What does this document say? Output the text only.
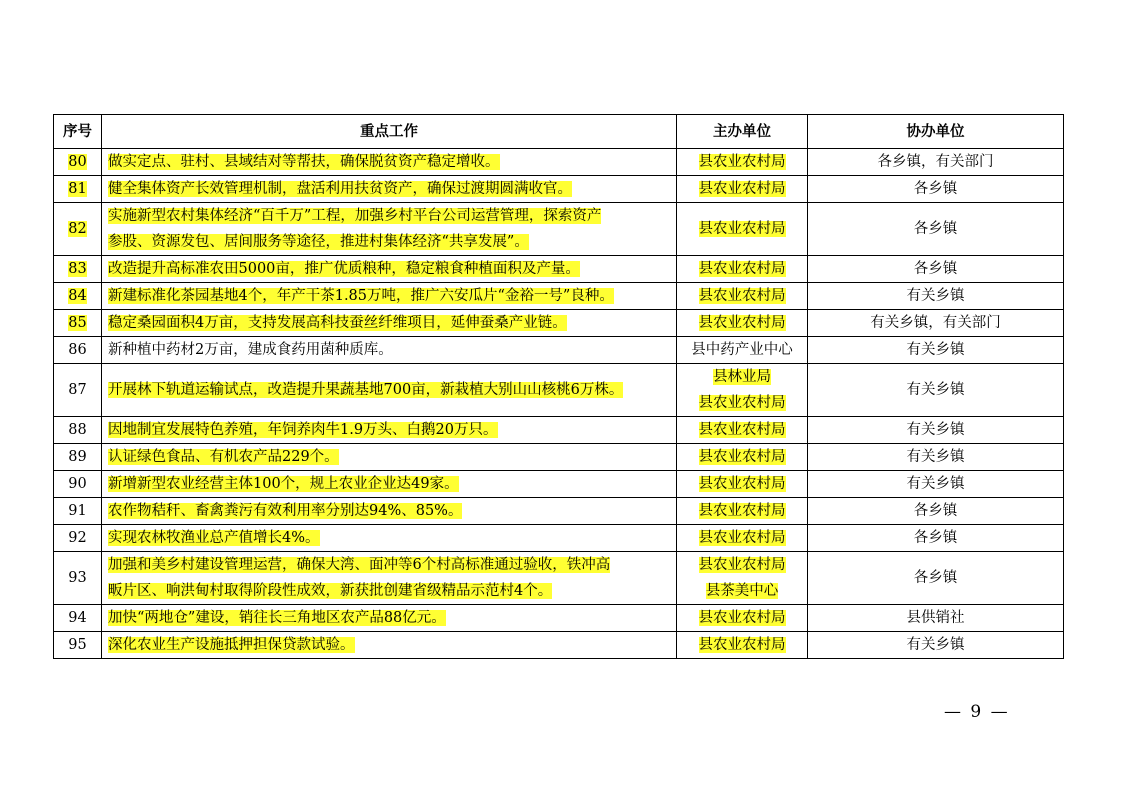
序号	重点工作	主办单位	协办单位
80	做实定点、驻村、县域结对等帮扶，确保脱贫资产稳定增收。	县农业农村局	各乡镇，有关部门
81	健全集体资产长效管理机制，盘活利用扶贫资产，确保过渡期圆满收官。	县农业农村局	各乡镇
82	实施新型农村集体经济“百千万”工程，加强乡村平台公司运营管理，探索资产
参股、资源发包、居间服务等途径，推进村集体经济“共享发展”。	县农业农村局	各乡镇
83	改造提升高标准农田5000亩，推广优质粮种，稳定粮食种植面积及产量。	县农业农村局	各乡镇
84	新建标准化茶园基地4个，年产干茶1.85万吨，推广六安瓜片“金裕一号”良种。	县农业农村局	有关乡镇
85	稳定桑园面积4万亩，支持发展高科技蚕丝纤维项目，延伸蚕桑产业链。	县农业农村局	有关乡镇，有关部门
86	新种植中药材2万亩，建成食药用菌种质库。	县中药产业中心	有关乡镇
87	开展林下轨道运输试点，改造提升果蔬基地700亩，新栽植大别山山核桃6万株。	县林业局
县农业农村局	有关乡镇
88	因地制宜发展特色养殖，年饲养肉牛1.9万头、白鹅20万只。	县农业农村局	有关乡镇
89	认证绿色食品、有机农产品229个。	县农业农村局	有关乡镇
90	新增新型农业经营主体100个，规上农业企业达49家。	县农业农村局	有关乡镇
91	农作物秸秆、畜禽粪污有效利用率分别达94%、85%。	县农业农村局	各乡镇
92	实现农林牧渔业总产值增长4%。	县农业农村局	各乡镇
93	加强和美乡村建设管理运营，确保大湾、面冲等6个村高标准通过验收，铁冲高
畈片区、响洪甸村取得阶段性成效，新获批创建省级精品示范村4个。	县农业农村局
县茶美中心	各乡镇
94	加快“两地仓”建设，销往长三角地区农产品88亿元。	县农业农村局	县供销社
95	深化农业生产设施抵押担保贷款试验。	县农业农村局	有关乡镇
— 9 —
